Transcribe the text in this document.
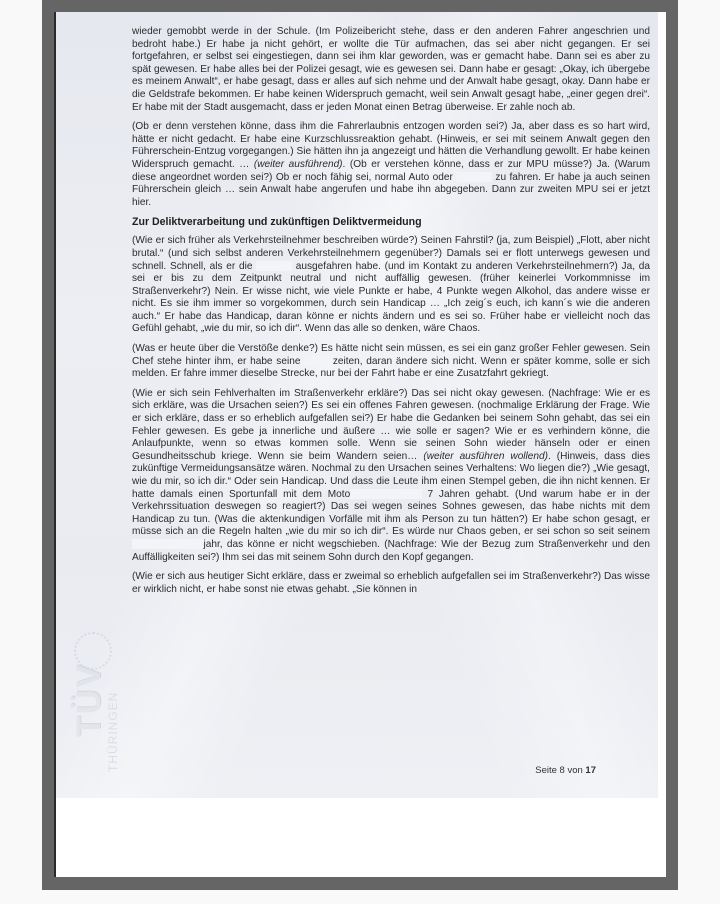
TÜV
THÜRINGEN

wieder gemobbt werde in der Schule. (Im Polizeibericht stehe, dass er den anderen Fahrer angeschrien und bedroht habe.) Er habe ja nicht gehört, er wollte die Tür aufmachen, das sei aber nicht gegangen. Er sei fortgefahren, er selbst sei eingestiegen, dann sei ihm klar geworden, was er gemacht habe. Dann sei es aber zu spät gewesen. Er habe alles bei der Polizei gesagt, wie es gewesen sei. Dann habe er gesagt: „Okay, ich übergebe es meinem Anwalt“, er habe gesagt, dass er alles auf sich nehme und der Anwalt habe gesagt, okay. Dann habe er die Geldstrafe bekommen. Er habe keinen Widerspruch gemacht, weil sein Anwalt gesagt habe, „einer gegen drei“. Er habe mit der Stadt ausgemacht, dass er jeden Monat einen Betrag überweise. Er zahle noch ab.

(Ob er denn verstehen könne, dass ihm die Fahrerlaubnis entzogen worden sei?) Ja, aber dass es so hart wird, hätte er nicht gedacht. Er habe eine Kurzschlussreaktion gehabt. (Hinweis, er sei mit seinem Anwalt gegen den Führerschein-Entzug vorgegangen.) Sie hätten ihn ja angezeigt und hätten die Verhandlung gewollt. Er habe keinen Widerspruch gemacht. … (weiter ausführend). (Ob er verstehen könne, dass er zur MPU müsse?) Ja. (Warum diese angeordnet worden sei?) Ob er noch fähig sei, normal Auto oder	zu fahren. Er habe ja auch seinen Führerschein gleich … sein Anwalt habe angerufen und habe ihn abgegeben. Dann zur zweiten MPU sei er jetzt hier.

Zur Deliktverarbeitung und zukünftigen Deliktvermeidung

(Wie er sich früher als Verkehrsteilnehmer beschreiben würde?) Seinen Fahrstil? (ja, zum Beispiel) „Flott, aber nicht brutal.“ (und sich selbst anderen Verkehrsteilnehmern gegenüber?) Damals sei er flott unterwegs gewesen und schnell. Schnell, als er die	ausgefahren habe. (und im Kontakt zu anderen Verkehrsteilnehmern?) Ja, da sei er bis zu dem Zeitpunkt neutral und nicht auffällig gewesen. (früher keinerlei Vorkommnisse im Straßenverkehr?) Nein. Er wisse nicht, wie viele Punkte er habe, 4 Punkte wegen Alkohol, das andere wisse er nicht. Es sie ihm immer so vorgekommen, durch sein Handicap … „Ich zeig´s euch, ich kann´s wie die anderen auch.“ Er habe das Handicap, daran könne er nichts ändern und es sei so. Früher habe er vielleicht noch das Gefühl gehabt, „wie du mir, so ich dir“. Wenn das alle so denken, wäre Chaos.

(Was er heute über die Verstöße denke?) Es hätte nicht sein müssen, es sei ein ganz großer Fehler gewesen. Sein Chef stehe hinter ihm, er habe seine	zeiten, daran ändere sich nicht. Wenn er später komme, solle er sich melden. Er fahre immer dieselbe Strecke, nur bei der Fahrt habe er eine Zusatzfahrt gekriegt.

(Wie er sich sein Fehlverhalten im Straßenverkehr erkläre?) Das sei nicht okay gewesen. (Nachfrage: Wie er es sich erkläre, was die Ursachen seien?) Es sei ein offenes Fahren gewesen. (nochmalige Erklärung der Frage. Wie er sich erkläre, dass er so erheblich aufgefallen sei?) Er habe die Gedanken bei seinem Sohn gehabt, das sei ein Fehler gewesen. Es gebe ja innerliche und äußere … wie solle er sagen? Wie er es verhindern könne, die Anlaufpunkte, wenn so etwas kommen solle. Wenn sie seinen Sohn wieder hänseln oder er einen Gesundheitsschub kriege. Wenn sie beim Wandern seien… (weiter ausführen wollend). (Hinweis, dass dies zukünftige Vermeidungsansätze wären. Nochmal zu den Ursachen seines Verhaltens: Wo liegen die?) „Wie gesagt, wie du mir, so ich dir.“ Oder sein Handicap. Und dass die Leute ihm einen Stempel geben, die ihn nicht kennen. Er hatte damals einen Sportunfall mit dem Moto	7 Jahren gehabt. (Und warum habe er in der Verkehrssituation deswegen so reagiert?) Das sei wegen seines Sohnes gewesen, das habe nichts mit dem Handicap zu tun. (Was die aktenkundigen Vorfälle mit ihm als Person zu tun hätten?) Er habe schon gesagt, er müsse sich an die Regeln halten „wie du mir so ich dir“. Es würde nur Chaos geben, er sei schon so seit seinem jahr, das könne er nicht wegschieben. (Nachfrage: Wie der Bezug zum Straßenverkehr und den Auffälligkeiten sei?) Ihm sei das mit seinem Sohn durch den Kopf gegangen.

(Wie er sich aus heutiger Sicht erkläre, dass er zweimal so erheblich aufgefallen sei im Straßenverkehr?) Das wisse er wirklich nicht, er habe sonst nie etwas gehabt. „Sie können in

Seite 8 von 17
